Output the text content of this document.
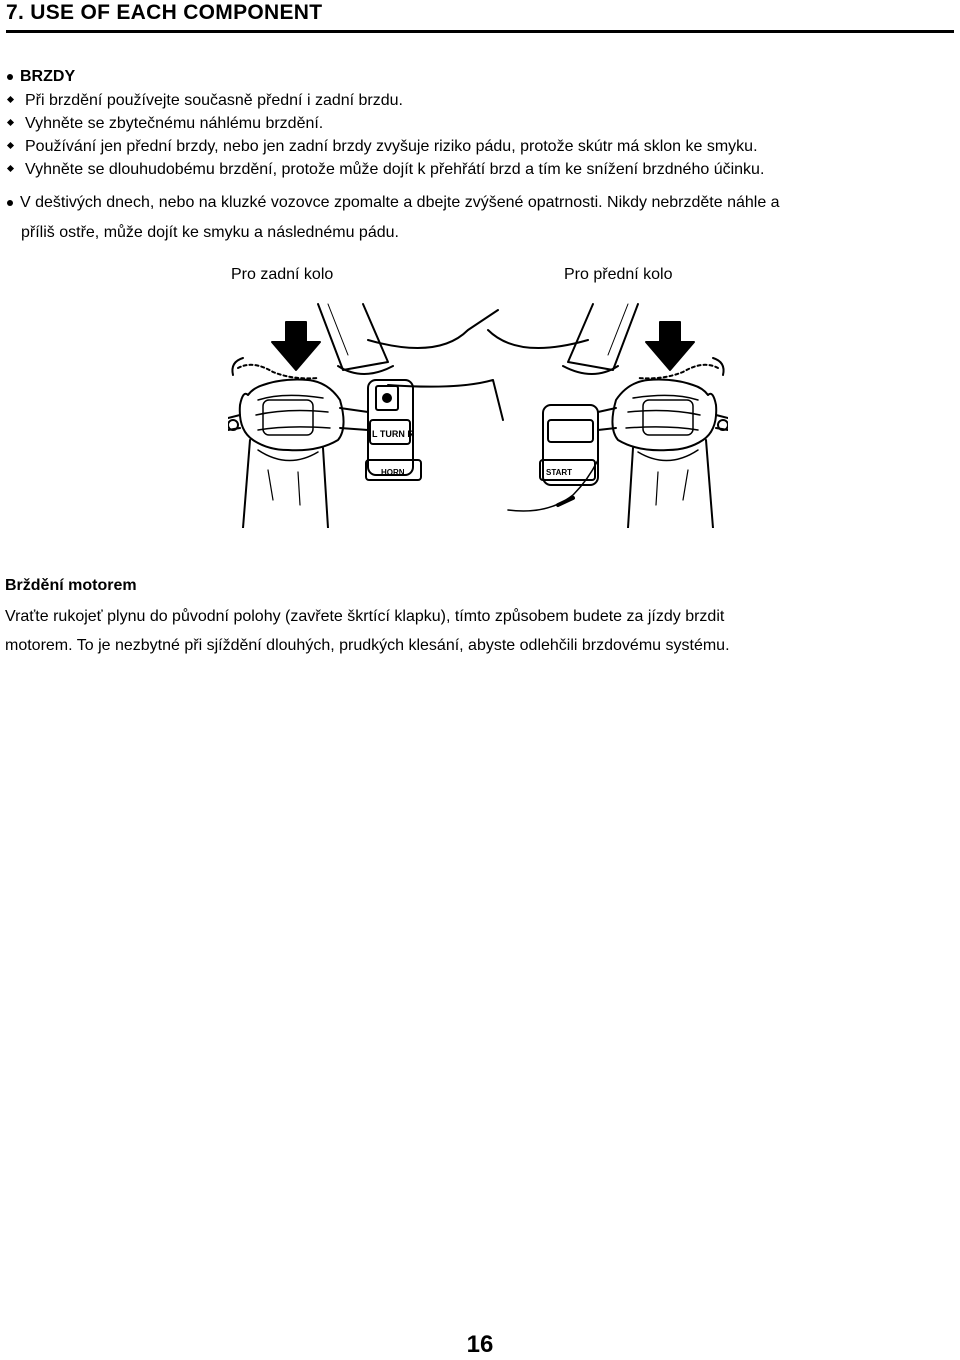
7. USE OF EACH COMPONENT
BRZDY
Při brzdění používejte současně přední i zadní brzdu.
Vyhněte se zbytečnému náhlému brzdění.
Používání jen přední brzdy, nebo jen zadní brzdy zvyšuje riziko pádu, protože skútr má sklon ke smyku.
Vyhněte se dlouhudobému brzdění, protože může dojít k přehřátí brzd a tím ke snížení brzdného účinku.
V deštivých dnech, nebo na kluzké vozovce zpomalte a dbejte zvýšené opatrnosti. Nikdy nebrzděte náhle a
příliš ostře, může dojít ke smyku a následnému pádu.
Pro zadní kolo	Pro přední kolo
L TURN R
HORN	START
Brždění motorem
Vraťte rukojeť plynu do původní polohy (zavřete škrtící klapku), tímto způsobem budete za jízdy brzdit
motorem. To je nezbytné při sjíždění dlouhých, prudkých klesání, abyste odlehčili brzdovému systému.
16
